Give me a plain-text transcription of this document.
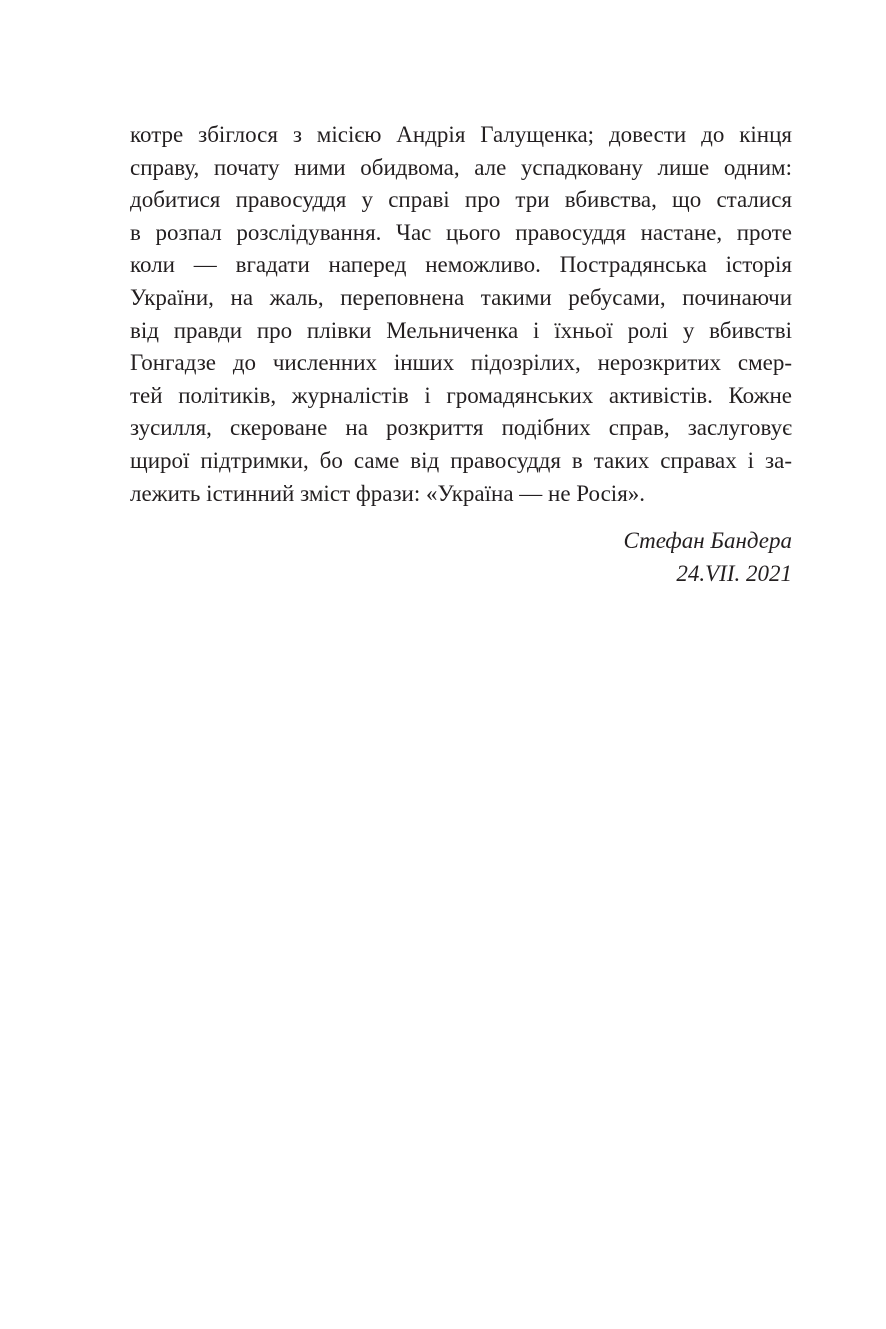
котре збіглося з місією Андрія Галущенка; довести до кінця
справу, почату ними обидвома, але успадковану лише одним:
добитися правосуддя у справі про три вбивства, що сталися
в розпал розслідування. Час цього правосуддя настане, проте
коли — вгадати наперед неможливо. Пострадянська історія
України, на жаль, переповнена такими ребусами, починаючи
від правди про плівки Мельниченка і їхньої ролі у вбивстві
Гонгадзе до численних інших підозрілих, нерозкритих смер-
тей політиків, журналістів і громадянських активістів. Кожне
зусилля, скероване на розкриття подібних справ, заслуговує
щирої підтримки, бо саме від правосуддя в таких справах і за-
лежить істинний зміст фрази: «Україна — не Росія».
Стефан Бандера
24.VII. 2021
